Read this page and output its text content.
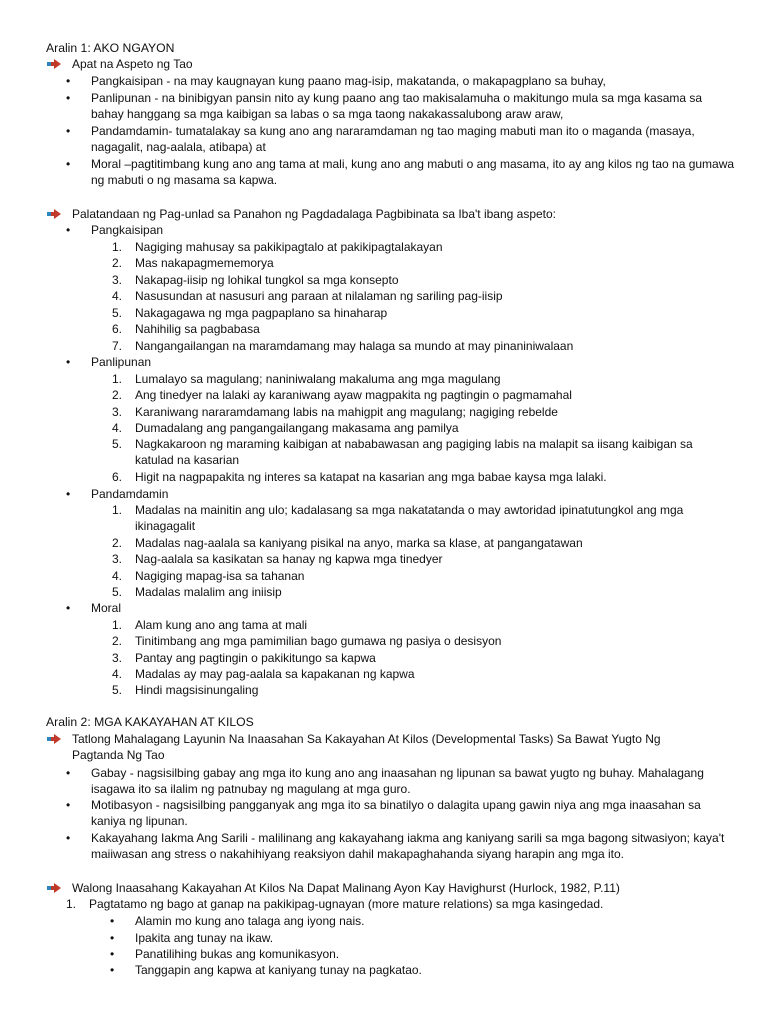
Aralin 1: AKO NGAYON
Apat na Aspeto ng Tao
• Pangkaisipan - na may kaugnayan kung paano mag-isip, makatanda, o makapagplano sa buhay,
• Panlipunan - na binibigyan pansin nito ay kung paano ang tao makisalamuha o makitungo mula sa mga kasama sa bahay hanggang sa mga kaibigan sa labas o sa mga taong nakakassalubong araw araw,
• Pandamdamin- tumatalakay sa kung ano ang nararamdaman ng tao maging mabuti man ito o maganda (masaya, nagagalit, nag-aalala, atibapa) at
• Moral –pagtitimbang kung ano ang tama at mali, kung ano ang mabuti o ang masama, ito ay ang kilos ng tao na gumawa ng mabuti o ng masama sa kapwa.
Palatandaan ng Pag-unlad sa Panahon ng Pagdadalaga Pagbibinata sa Iba't ibang aspeto:
• Pangkaisipan
1.	Nagiging mahusay sa pakikipagtalo at pakikipagtalakayan
2.	Mas nakapagmememorya
3.	Nakapag-iisip ng lohikal tungkol sa mga konsepto
4.	Nasusundan at nasusuri ang paraan at nilalaman ng sariling pag-iisip
5.	Nakagagawa ng mga pagpaplano sa hinaharap
6.	Nahihilig sa pagbabasa
7.	Nangangailangan na maramdamang may halaga sa mundo at may pinaniniwalaan
• Panlipunan
1.	Lumalayo sa magulang; naniniwalang makaluma ang mga magulang
2.	Ang tinedyer na lalaki ay karaniwang ayaw magpakita ng pagtingin o pagmamahal
3.	Karaniwang nararamdamang labis na mahigpit ang magulang; nagiging rebelde
4.	Dumadalang ang pangangailangang makasama ang pamilya
5.	Nagkakaroon ng maraming kaibigan at nababawasan ang pagiging labis na malapit sa iisang kaibigan sa katulad na kasarian
6.	Higit na nagpapakita ng interes sa katapat na kasarian ang mga babae kaysa mga lalaki.
• Pandamdamin
1.	Madalas na mainitin ang ulo; kadalasang sa mga nakatatanda o may awtoridad ipinatutungkol ang mga ikinagagalit
2.	Madalas nag-aalala sa kaniyang pisikal na anyo, marka sa klase, at pangangatawan
3.	Nag-aalala sa kasikatan sa hanay ng kapwa mga tinedyer
4.	Nagiging mapag-isa sa tahanan
5.	Madalas malalim ang iniisip
• Moral
1.	Alam kung ano ang tama at mali
2.	Tinitimbang ang mga pamimilian bago gumawa ng pasiya o desisyon
3.	Pantay ang pagtingin o pakikitungo sa kapwa
4.	Madalas ay may pag-aalala sa kapakanan ng kapwa
5.	Hindi magsisinungaling
Aralin 2: MGA KAKAYAHAN AT KILOS
Tatlong Mahalagang Layunin Na Inaasahan Sa Kakayahan At Kilos (Developmental Tasks) Sa Bawat Yugto Ng Pagtanda Ng Tao
• Gabay - nagsisilbing gabay ang mga ito kung ano ang inaasahan ng lipunan sa bawat yugto ng buhay. Mahalagang isagawa ito sa ilalim ng patnubay ng magulang at mga guro.
• Motibasyon - nagsisilbing pangganyak ang mga ito sa binatilyo o dalagita upang gawin niya ang mga inaasahan sa kaniya ng lipunan.
• Kakayahang Iakma Ang Sarili - malilinang ang kakayahang iakma ang kaniyang sarili sa mga bagong sitwasiyon; kaya't maiiwasan ang stress o nakahihiyang reaksiyon dahil makapaghahanda siyang harapin ang mga ito.
Walong Inaasahang Kakayahan At Kilos Na Dapat Malinang Ayon Kay Havighurst (Hurlock, 1982, P.11)
1.	Pagtatamo ng bago at ganap na pakikipag-ugnayan (more mature relations) sa mga kasingedad.
• Alamin mo kung ano talaga ang iyong nais.
• Ipakita ang tunay na ikaw.
• Panatilihing bukas ang komunikasyon.
• Tanggapin ang kapwa at kaniyang tunay na pagkatao.
